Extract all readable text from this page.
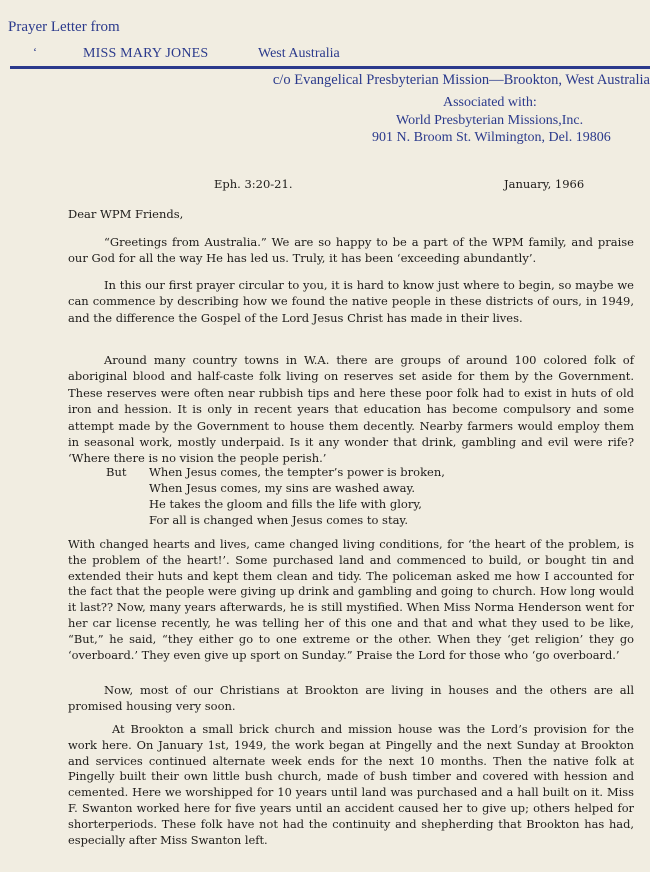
Prayer Letter from
‘	MISS MARY JONES	West Australia
c/o Evangelical Presbyterian Mission—Brookton, West Australia
Associated with:
World Presbyterian Missions,Inc.
901 N. Broom St. Wilmington, Del. 19806
Eph. 3:20-21.	January, 1966
Dear WPM Friends,

“Greetings from Australia.” We are so happy to be a part of the WPM family, and praise our God for all the way He has led us. Truly, it has been ‘exceeding abundantly’.

In this our first prayer circular to you, it is hard to know just where to begin, so maybe we can commence by describing how we found the native people in these districts of ours, in 1949, and the difference the Gospel of the Lord Jesus Christ has made in their lives.

Around many country towns in W.A. there are groups of around 100 colored folk of aboriginal blood and half-caste folk living on reserves set aside for them by the Government. These reserves were often near rubbish tips and here these poor folk had to exist in huts of old iron and hession. It is only in recent years that education has become compulsory and some attempt made by the Government to house them decently. Nearby farmers would employ them in seasonal work, mostly underpaid. Is it any wonder that drink, gambling and evil were rife? ‘Where there is no vision the people perish.’

But When Jesus comes, the tempter’s power is broken,
When Jesus comes, my sins are washed away.
He takes the gloom and fills the life with glory,
For all is changed when Jesus comes to stay.

With changed hearts and lives, came changed living conditions, for ‘the heart of the problem, is the problem of the heart!’. Some purchased land and commenced to build, or bought tin and extended their huts and kept them clean and tidy. The policeman asked me how I accounted for the fact that the people were giving up drink and gambling and going to church. How long would it last?? Now, many years afterwards, he is still mystified. When Miss Norma Henderson went for her car license recently, he was telling her of this one and that and what they used to be like, “But,” he said, “they either go to one extreme or the other. When they ‘get religion’ they go ‘overboard.’ They even give up sport on Sunday.” Praise the Lord for those who ‘go overboard.’

Now, most of our Christians at Brookton are living in houses and the others are all promised housing very soon.

At Brookton a small brick church and mission house was the Lord’s provision for the work here. On January 1st, 1949, the work began at Pingelly and the next Sunday at Brookton and services continued alternate week ends for the next 10 months. Then the native folk at Pingelly built their own little bush church, made of bush timber and covered with hession and cemented. Here we worshipped for 10 years until land was purchased and a hall built on it. Miss F. Swanton worked here for five years until an accident caused her to give up; others helped for shorterperiods. These folk have not had the continuity and shepherding that Brookton has had, especially after Miss Swanton left.
